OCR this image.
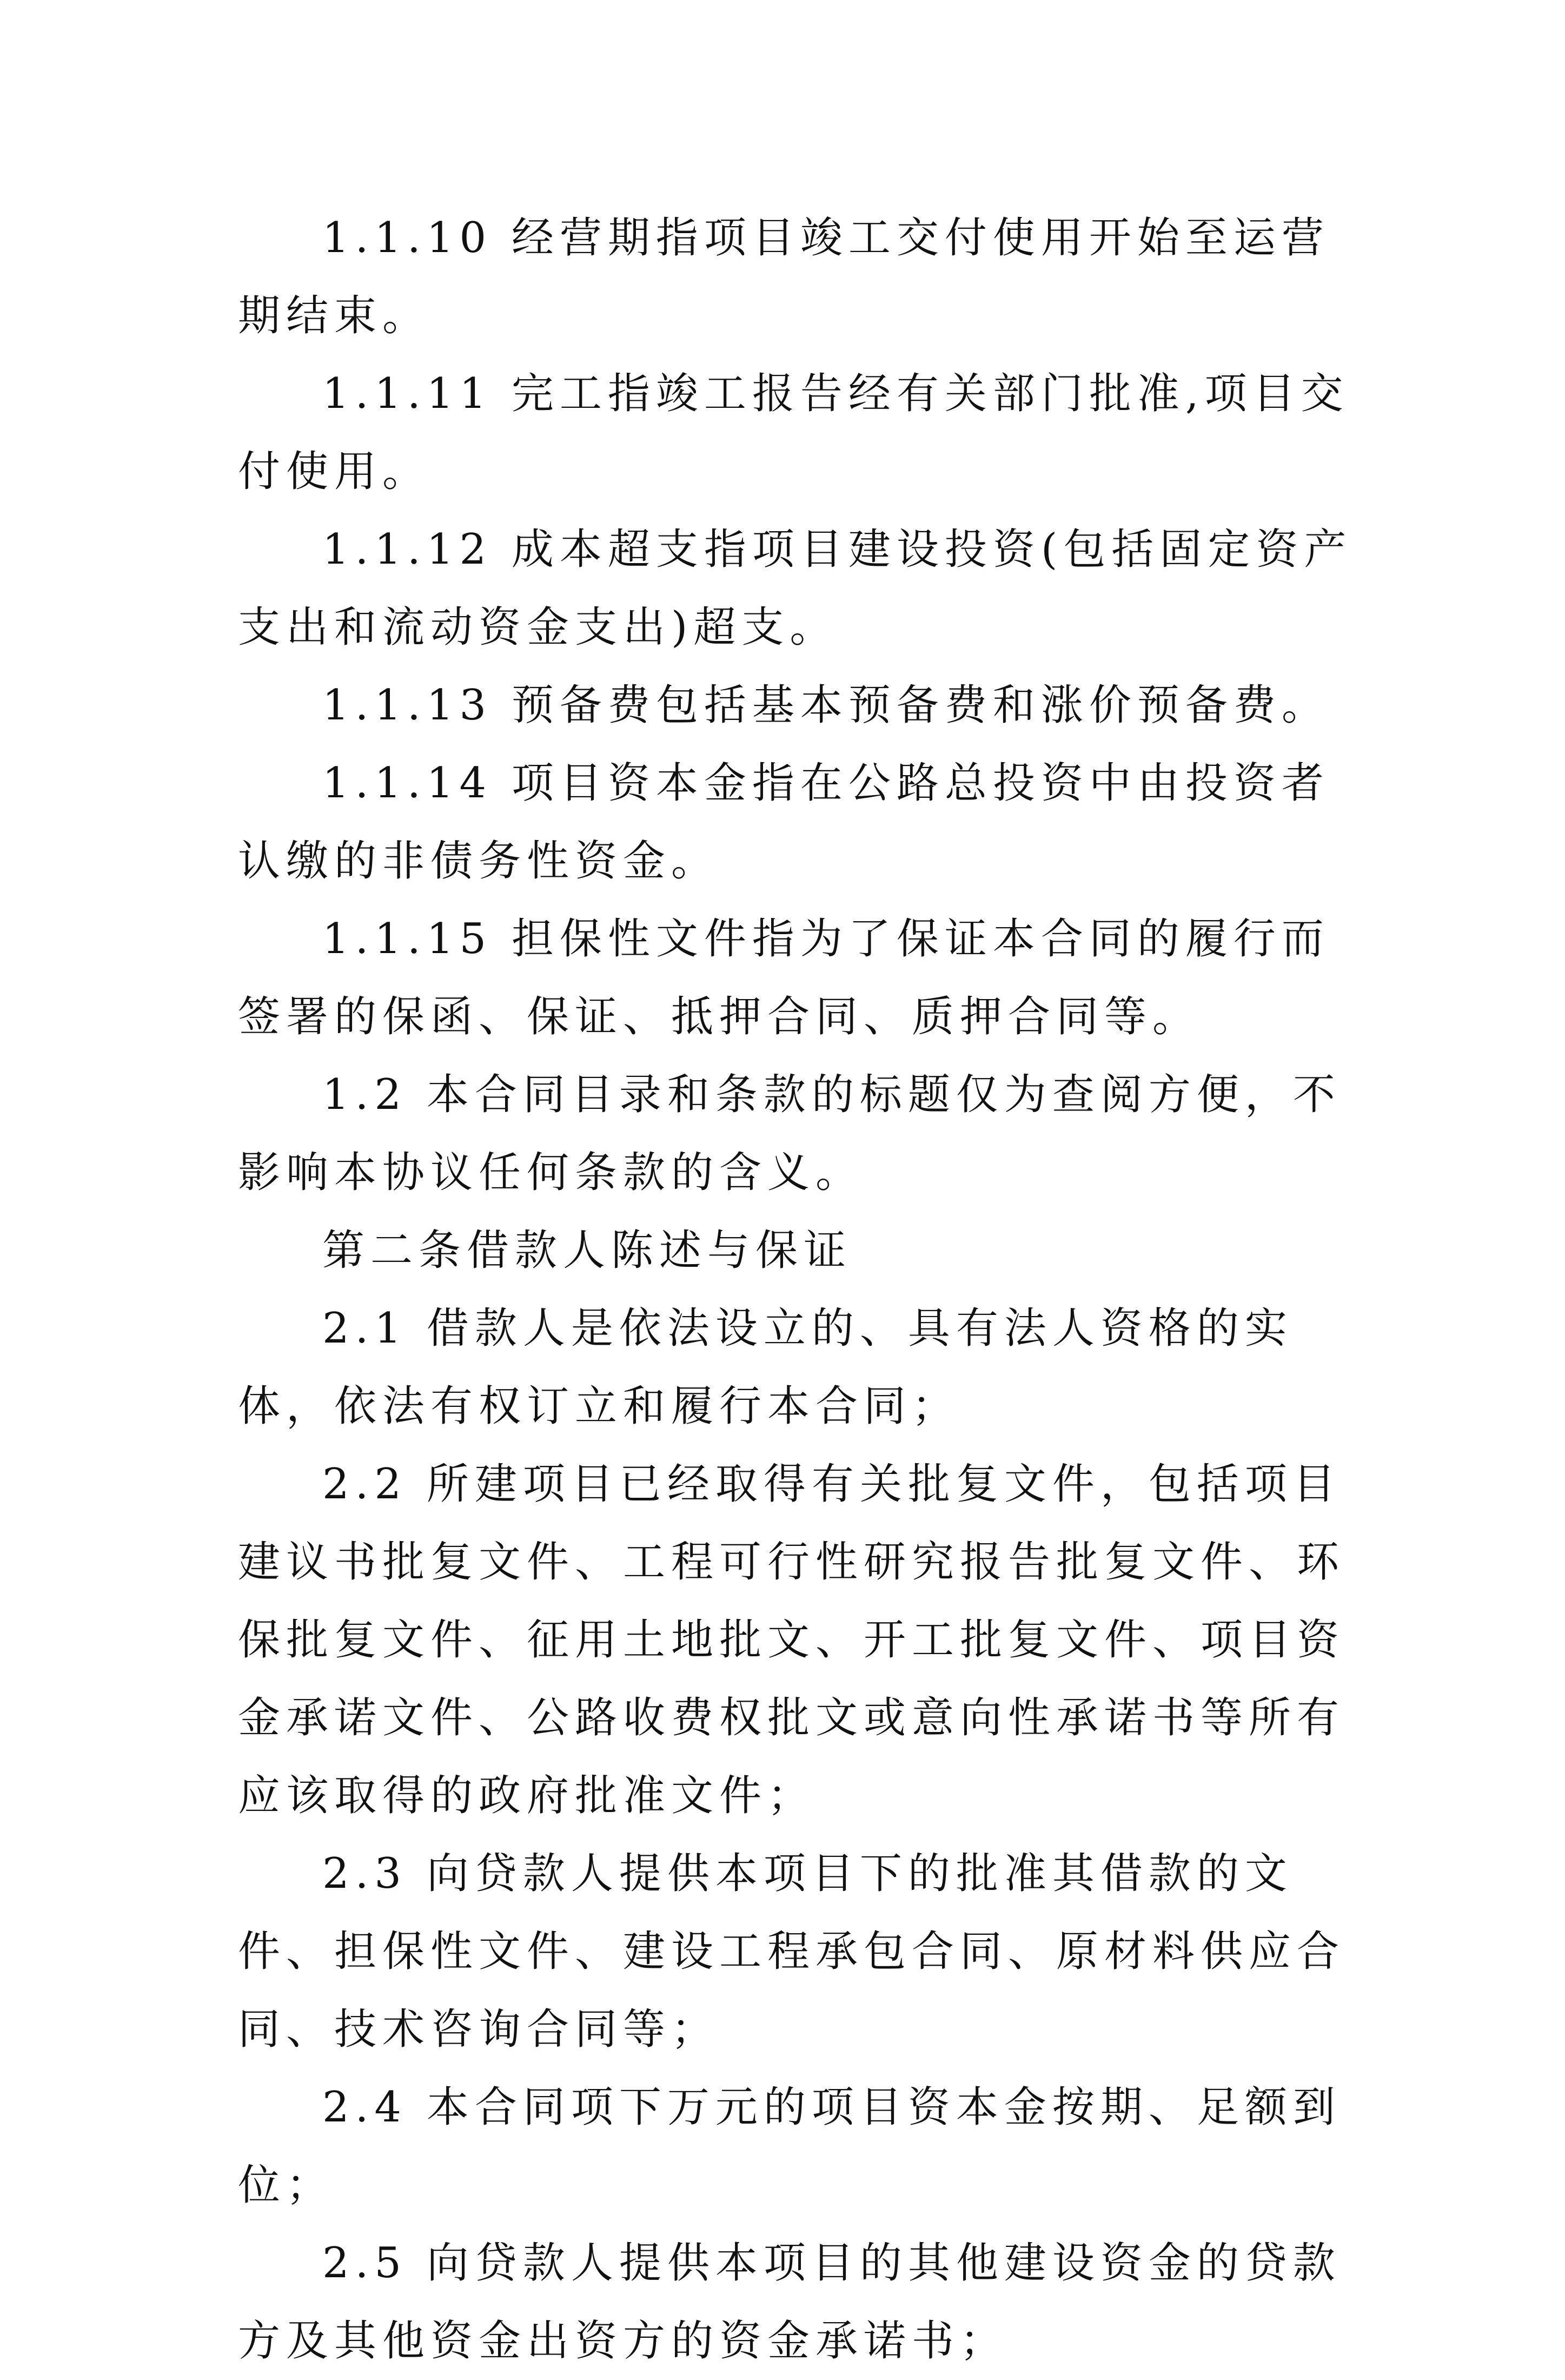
1.1.10 经营期指项目竣工交付使用开始至运营期结束。

1.1.11 完工指竣工报告经有关部门批准,项目交付使用。

1.1.12 成本超支指项目建设投资(包括固定资产支出和流动资金支出)超支。

1.1.13 预备费包括基本预备费和涨价预备费。

1.1.14 项目资本金指在公路总投资中由投资者认缴的非债务性资金。

1.1.15 担保性文件指为了保证本合同的履行而签署的保函、保证、抵押合同、质押合同等。

1.2 本合同目录和条款的标题仅为查阅方便，不影响本协议任何条款的含义。

第二条借款人陈述与保证

2.1 借款人是依法设立的、具有法人资格的实体，依法有权订立和履行本合同；

2.2 所建项目已经取得有关批复文件，包括项目建议书批复文件、工程可行性研究报告批复文件、环保批复文件、征用土地批文、开工批复文件、项目资金承诺文件、公路收费权批文或意向性承诺书等所有应该取得的政府批准文件；

2.3 向贷款人提供本项目下的批准其借款的文件、担保性文件、建设工程承包合同、原材料供应合同、技术咨询合同等；

2.4 本合同项下万元的项目资本金按期、足额到位；

2.5 向贷款人提供本项目的其他建设资金的贷款方及其他资金出资方的资金承诺书；
